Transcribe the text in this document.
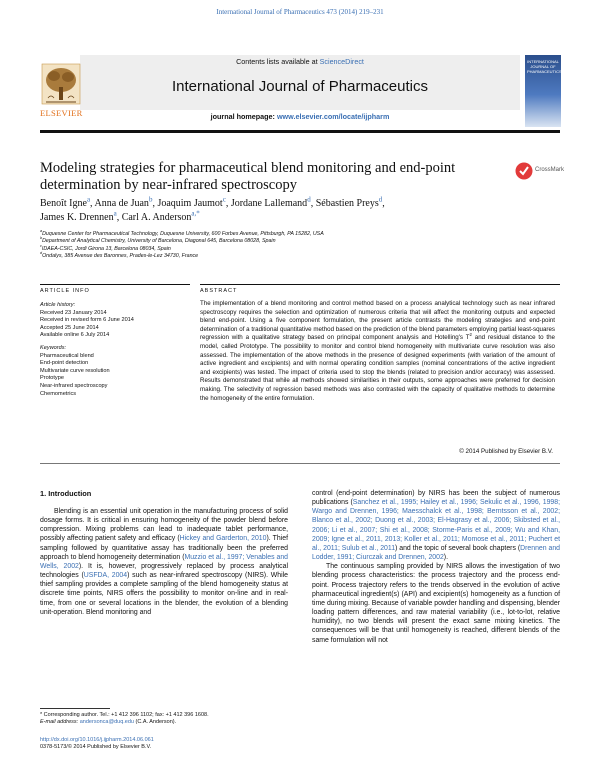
International Journal of Pharmaceutics 473 (2014) 219–231
Contents lists available at ScienceDirect
International Journal of Pharmaceutics
journal homepage: www.elsevier.com/locate/ijpharm
ELSEVIER
INTERNATIONAL
JOURNAL OF
PHARMACEUTICS
Modeling strategies for pharmaceutical blend monitoring and end-point determination by near-infrared spectroscopy
CrossMark
Benoît Igne$^a$, Anna de Juan$^b$, Joaquim Jaumot$^c$, Jordane Lallemand$^d$, Sébastien Preys$^d$,
James K. Drennen$^a$, Carl A. Anderson$^{a,*}$
$^a$Duquesne Center for Pharmaceutical Technology, Duquesne University, 600 Forbes Avenue, Pittsburgh, PA 15282, USA
$^b$Department of Analytical Chemistry, University of Barcelona, Diagonal 645, Barcelona 08028, Spain
$^c$IDAEA-CSIC, Jordi Girona 13, Barcelona 08034, Spain
$^d$Ondalys, 385 Avenue des Baronnes, Prades-le-Lez 34730, France
ARTICLE INFO
Article history:
Received 23 January 2014
Received in revised form 6 June 2014
Accepted 25 June 2014
Available online 6 July 2014
Keywords:
Pharmaceutical blend
End-point detection
Multivariate curve resolution
Prototype
Near-infrared spectroscopy
Chemometrics
ABSTRACT
The implementation of a blend monitoring and control method based on a process analytical technology such as near infrared spectroscopy requires the selection and optimization of numerous criteria that will affect the monitoring outputs and expected blend end-point. Using a five component formulation, the present article contrasts the modeling strategies and end-point determination of a traditional quantitative method based on the prediction of the blend parameters employing partial least-squares regression with a qualitative strategy based on principal component analysis and Hotelling's $T^2$ and residual distance to the model, called Prototype. The possibility to monitor and control blend homogeneity with multivariate curve resolution was also assessed. The implementation of the above methods in the presence of designed experiments (with variation of the amount of active ingredient and excipients) and with normal operating condition samples (nominal concentrations of the active ingredient and excipients) was tested. The impact of criteria used to stop the blends (related to precision and/or accuracy) was assessed. Results demonstrated that while all methods showed similarities in their outputs, some approaches were preferred for decision making. The selectivity of regression based methods was also contrasted with the capacity of qualitative methods to determine the homogeneity of the entire formulation.
© 2014 Published by Elsevier B.V.
1. Introduction

Blending is an essential unit operation in the manufacturing process of solid dosage forms. It is critical in ensuring homogeneity of the powder blend before compression. Mixing problems can lead to inadequate tablet performance, possibly affecting patient safety and efficacy (Hickey and Garderton, 2010). Thief sampling followed by quantitative assay has traditionally been the preferred approach to blend homogeneity determination (Muzzio et al., 1997; Venables and Wells, 2002). It is, however, progressively replaced by process analytical technologies (USFDA, 2004) such as near-infrared spectroscopy (NIRS). While thief sampling provides a complete sampling of the blend homogeneity status at discrete time points, NIRS offers the possibility to monitor on-line and in real-time, from one or several locations in the blender, the evolution of a blending unit-operation. Blend monitoring and

control (end-point determination) by NIRS has been the subject of numerous publications (Sanchez et al., 1995; Hailey et al., 1996; Sekulic et al., 1996, 1998; Wargo and Drennen, 1996; Maesschalck et al., 1998; Berntsson et al., 2002; Blanco et al., 2002; Duong et al., 2003; El-Hagrasy et al., 2006; Skibsted et al., 2006; Li et al., 2007; Shi et al., 2008; Storme-Paris et al., 2009; Wu and Khan, 2009; Igne et al., 2011, 2013; Koller et al., 2011; Momose et al., 2011; Puchert et al., 2011; Sulub et al., 2011) and the topic of several book chapters (Drennen and Lodder, 1991; Ciurczak and Drennen, 2002).

The continuous sampling provided by NIRS allows the investigation of two blending process characteristics: the process trajectory and the process end-point. Process trajectory refers to the trends observed in the evolution of active pharmaceutical ingredient(s) (API) and excipient(s) homogeneity as a function of time during mixing. Because of variable powder handling and dispensing, blender loading pattern differences, and raw material variability (i.e., lot-to-lot, relative humidity), no two blends will present the exact same mixing kinetics. The consequences will be that until homogeneity is reached, different blends of the same formulation will not

* Corresponding author. Tel.: +1 412 396 1102; fax: +1 412 396 1608.
E-mail address: andersonca@duq.edu (C.A. Anderson).
http://dx.doi.org/10.1016/j.ijpharm.2014.06.061
0378-5173/© 2014 Published by Elsevier B.V.
